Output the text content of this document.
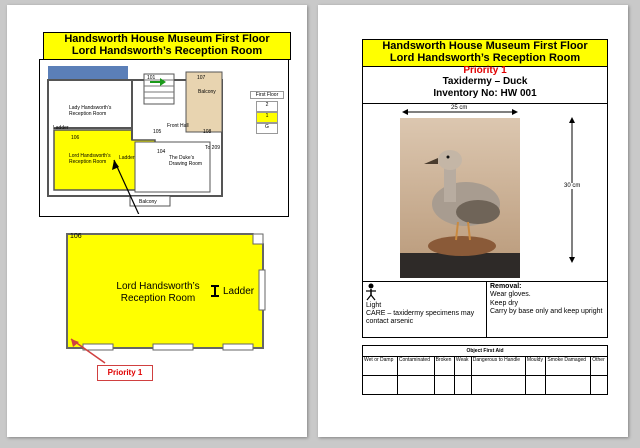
Handsworth House Museum First Floor
Lord Handsworth’s Reception Room
Lady Handsworth’s Reception Room
Lord Handsworth’s Reception Room
The Duke’s Drawing Room
Balcony
Balcony
Front Hall
To 209
Ladder
Ladder
106
105	108
101
104
107
First Floor
2
1
G
106
Lord Handsworth’s Reception Room
Ladder
Priority 1
Handsworth House Museum First Floor
Lord Handsworth’s Reception Room
Priority 1
Taxidermy – Duck
Inventory No: HW 001
25 cm
30 cm
Light
CARE – taxidermy specimens may contact arsenic
Removal:
Wear gloves.
Keep dry
Carry by base only and keep upright
Object First Aid
Wet or Damp	Contaminated	Broken	Weak	Dangerous to Handle	Mouldy	Smoke Damaged	Other
